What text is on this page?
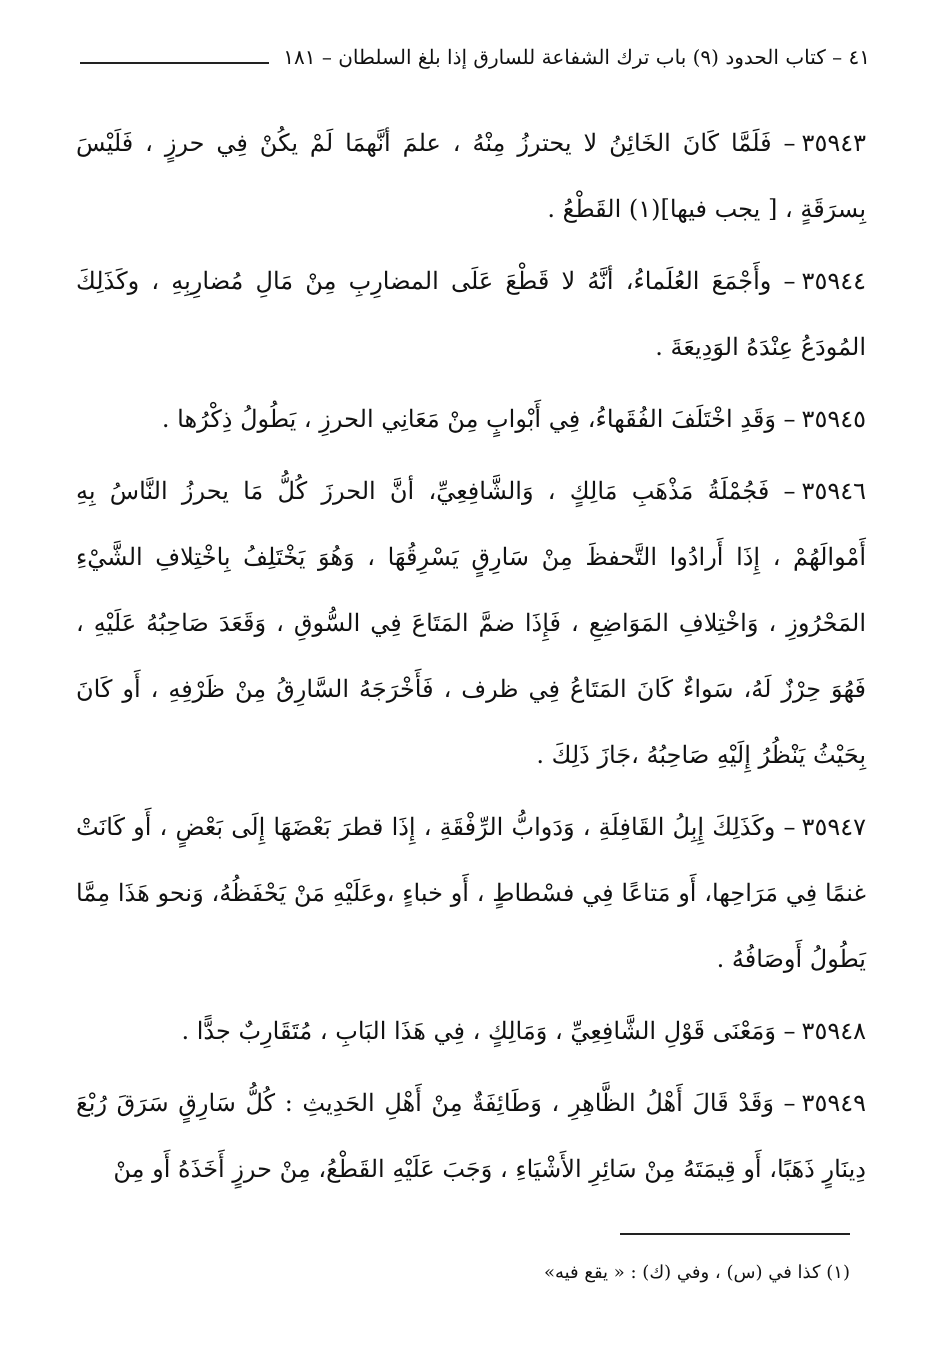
٤١ – كتاب الحدود (٩) باب ترك الشفاعة للسارق إذا بلغ السلطان – ١٨١

٣٥٩٤٣– فَلَمَّا كَانَ الخَائِنُ لا يحترزُ مِنْهُ ، علمَ أنَّهمَا لَمْ يكُنْ فِي حرزٍ ، فَلَيْسَ بِسرَقَةٍ ، [ يجب فيها](١) القَطْعُ .

٣٥٩٤٤– وأَجْمَعَ العُلَماءُ، أنَّهُ لا قَطْعَ عَلَى المضارِبِ مِنْ مَالِ مُضارِبِهِ ، وكَذَلِكَ المُودَعُ عِنْدَهُ الوَدِيعَةَ .

٣٥٩٤٥– وَقَدِ اخْتَلَفَ الفُقَهاءُ، فِي أَبْوابٍ مِنْ مَعَانِي الحرزِ ، يَطُولُ ذِكْرُها .

٣٥٩٤٦– فَجُمْلَةُ مَذْهَبِ مَالِكٍ ، وَالشَّافِعِيِّ، أنَّ الحرزَ كُلُّ مَا يحرزُ النَّاسُ بِهِ أَمْوالَهُمْ ، إِذَا أَرادُوا التَّحفظَ مِنْ سَارِقٍ يَسْرِقُهَا ، وَهُوَ يَخْتَلِفُ بِاخْتِلافِ الشَّيْءِ المَحْرُوزِ ، وَاخْتِلافِ المَوَاضِعِ ، فَإِذَا ضمَّ المَتَاعَ فِي السُّوقِ ، وَقَعَدَ صَاحِبُهُ عَلَيْهِ ، فَهُوَ حِرْزٌ لَهُ، سَواءٌ كَانَ المَتَاعُ فِي ظرف ، فَأَخْرَجَهُ السَّارِقُ مِنْ ظَرْفِهِ ، أَو كَانَ بِحَيْثُ يَنْظُرُ إِلَيْهِ صَاحِبُهُ ،جَازَ ذَلِكَ .

٣٥٩٤٧– وكَذَلِكَ إِبِلُ القَافِلَةِ ، وَدَوابُّ الرِّفْقَةِ ، إِذَا قطرَ بَعْضَهَا إِلَى بَعْضٍ ، أَو كَانَتْ غنمًا فِي مَرَاحِها، أَو مَتاعًا فِي فسْطاطٍ ، أَو خباءٍ ،وعَلَيْهِ مَنْ يَحْفَظُهُ، وَنحو هَذَا مِمَّا يَطُولُ أَوصَافُهُ .

٣٥٩٤٨– وَمَعْنَى قَوْلِ الشَّافِعِيِّ ، وَمَالِكٍ ، فِي هَذَا البَابِ ، مُتَقَارِبٌ جدًّا .

٣٥٩٤٩– وَقَدْ قَالَ أَهْلُ الظَّاهِرِ ، وَطَائِفَةٌ مِنْ أَهْلِ الحَدِيثِ : كُلُّ سَارِقٍ سَرَقَ رُبْعَ دِينَارٍ ذَهَبًا، أَو قِيمَتَهُ مِنْ سَائِرِ الأَشْيَاءِ ، وَجَبَ عَلَيْهِ القَطْعُ، مِنْ حرزٍ أَخَذَهُ أَو مِنْ

(١) كذا في (س) ، وفي (ك) : « يقع فيه»
